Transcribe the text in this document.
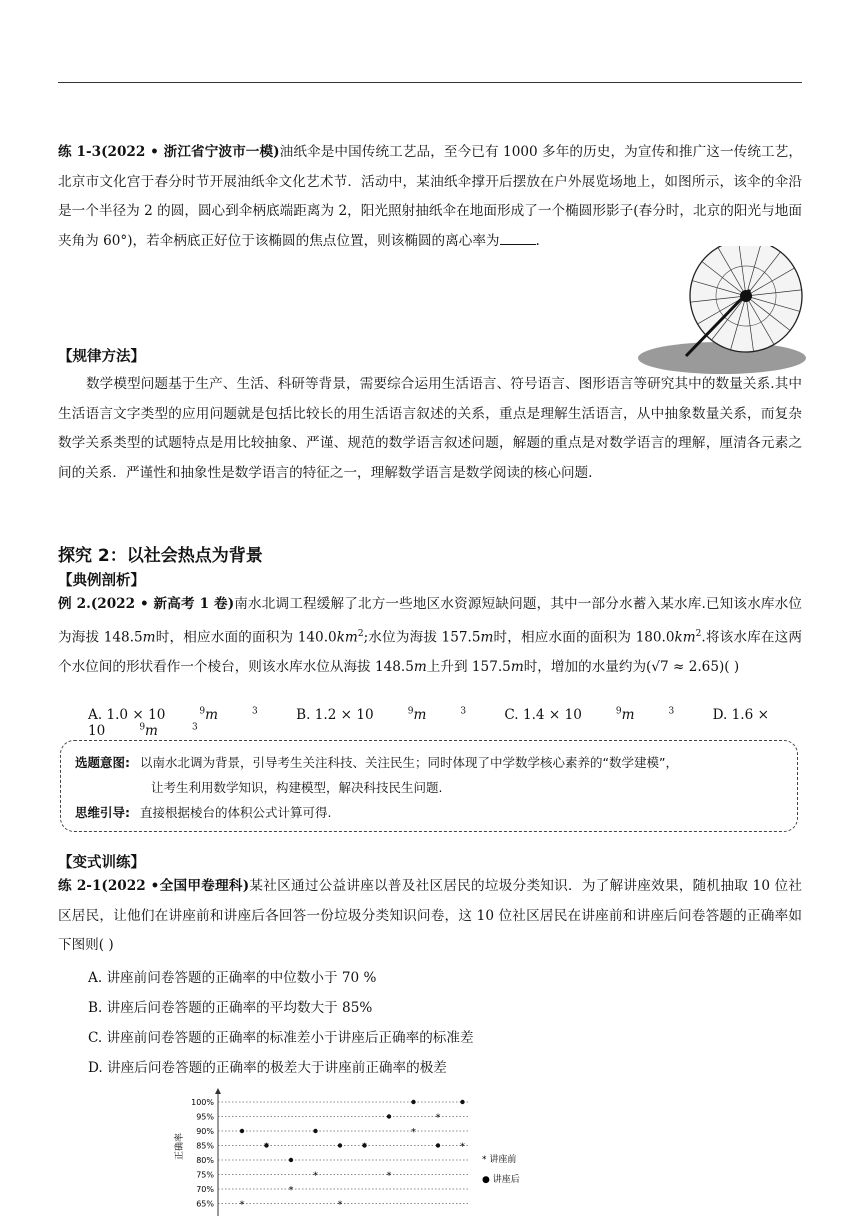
练 1-3(2022 • 浙江省宁波市一模)油纸伞是中国传统工艺品，至今已有 1000 多年的历史，为宣传和推广这一传统工艺，北京市文化宫于春分时节开展油纸伞文化艺术节．活动中，某油纸伞撑开后摆放在户外展览场地上，如图所示，该伞的伞沿是一个半径为 2 的圆，圆心到伞柄底端距离为 2，阳光照射抽纸伞在地面形成了一个椭圆形影子(春分时，北京的阳光与地面夹角为 60°)，若伞柄底正好位于该椭圆的焦点位置，则该椭圆的离心率为	.
【规律方法】
数学模型问题基于生产、生活、科研等背景，需要综合运用生活语言、符号语言、图形语言等研究其中的数量关系.其中生活语言文字类型的应用问题就是包括比较长的用生活语言叙述的关系，重点是理解生活语言，从中抽象数量关系，而复杂数学关系类型的试题特点是用比较抽象、严谨、规范的数学语言叙述问题，解题的重点是对数学语言的理解，厘清各元素之间的关系．严谨性和抽象性是数学语言的特征之一，理解数学语言是数学阅读的核心问题.
探究 2：以社会热点为背景
【典例剖析】
例 2.(2022 • 新高考 1 卷)南水北调工程缓解了北方一些地区水资源短缺问题，其中一部分水蓄入某水库.已知该水库水位为海拔 148.5m时，相应水面的面积为 $140.0km^2$;水位为海拔 157.5m时，相应水面的面积为 $180.0km^2$.将该水库在这两个水位间的形状看作一个棱台，则该水库水位从海拔 148.5m上升到 157.5m时，增加的水量约为(√7 ≈ 2.65)( )
A. 1.0 × 10	$^9$m	$^3$	B. 1.2 × 10	$^9$m	$^3$	C. 1.4 × 10	$^9$m	$^3$	D. 1.6 × 10	$^9$m	$^3$
选题意图: 以南水北调为背景，引导考生关注科技、关注民生；同时体现了中学数学核心素养的“数学建模”，
让考生利用数学知识，构建模型，解决科技民生问题.
思维引导: 直接根据棱台的体积公式计算可得.
【变式训练】
练 2-1(2022 •全国甲卷理科)某社区通过公益讲座以普及社区居民的垃圾分类知识．为了解讲座效果，随机抽取 10 位社区居民，让他们在讲座前和讲座后各回答一份垃圾分类知识问卷，这 10 位社区居民在讲座前和讲座后问卷答题的正确率如下图则( )
A. 讲座前问卷答题的正确率的中位数小于 70 %
B. 讲座后问卷答题的正确率的平均数大于 85%
C. 讲座前问卷答题的正确率的标准差小于讲座后正确率的标准差
D. 讲座后问卷答题的正确率的极差大于讲座前正确率的极差
100%
95%
90%
85%
80%
75%
70%
65%	*
*
*
*
*
*
*
*
正确率	* 讲座前
● 讲座后
